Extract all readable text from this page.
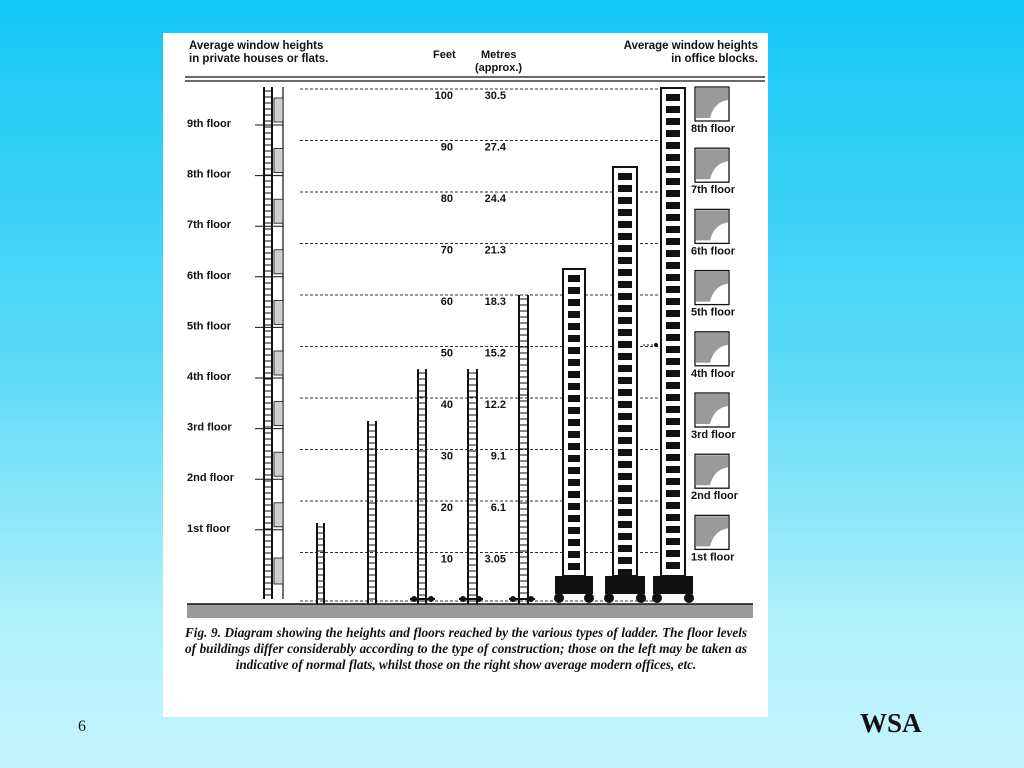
Average window heights
in private houses or flats.	Feet Metres
(approx.)
Average window heights
in office blocks.
100	30.5
90	27.4
80	24.4
70	21.3
60	18.3
50	15.2
40	12.2
30	9.1
20	6.1
10	3.05
9th floor
8th floor
7th floor
6th floor
5th floor
4th floor
3rd floor
2nd floor
1st floor
8th floor
7th floor
6th floor
5th floor
4th floor
3rd floor
2nd floor
1st floor
Fig. 9. Diagram showing the heights and floors reached by the various types of ladder. The floor levels of buildings differ considerably according to the type of construction; those on the left may be taken as indicative of normal flats, whilst those on the right show average modern offices, etc.
6	WSA
